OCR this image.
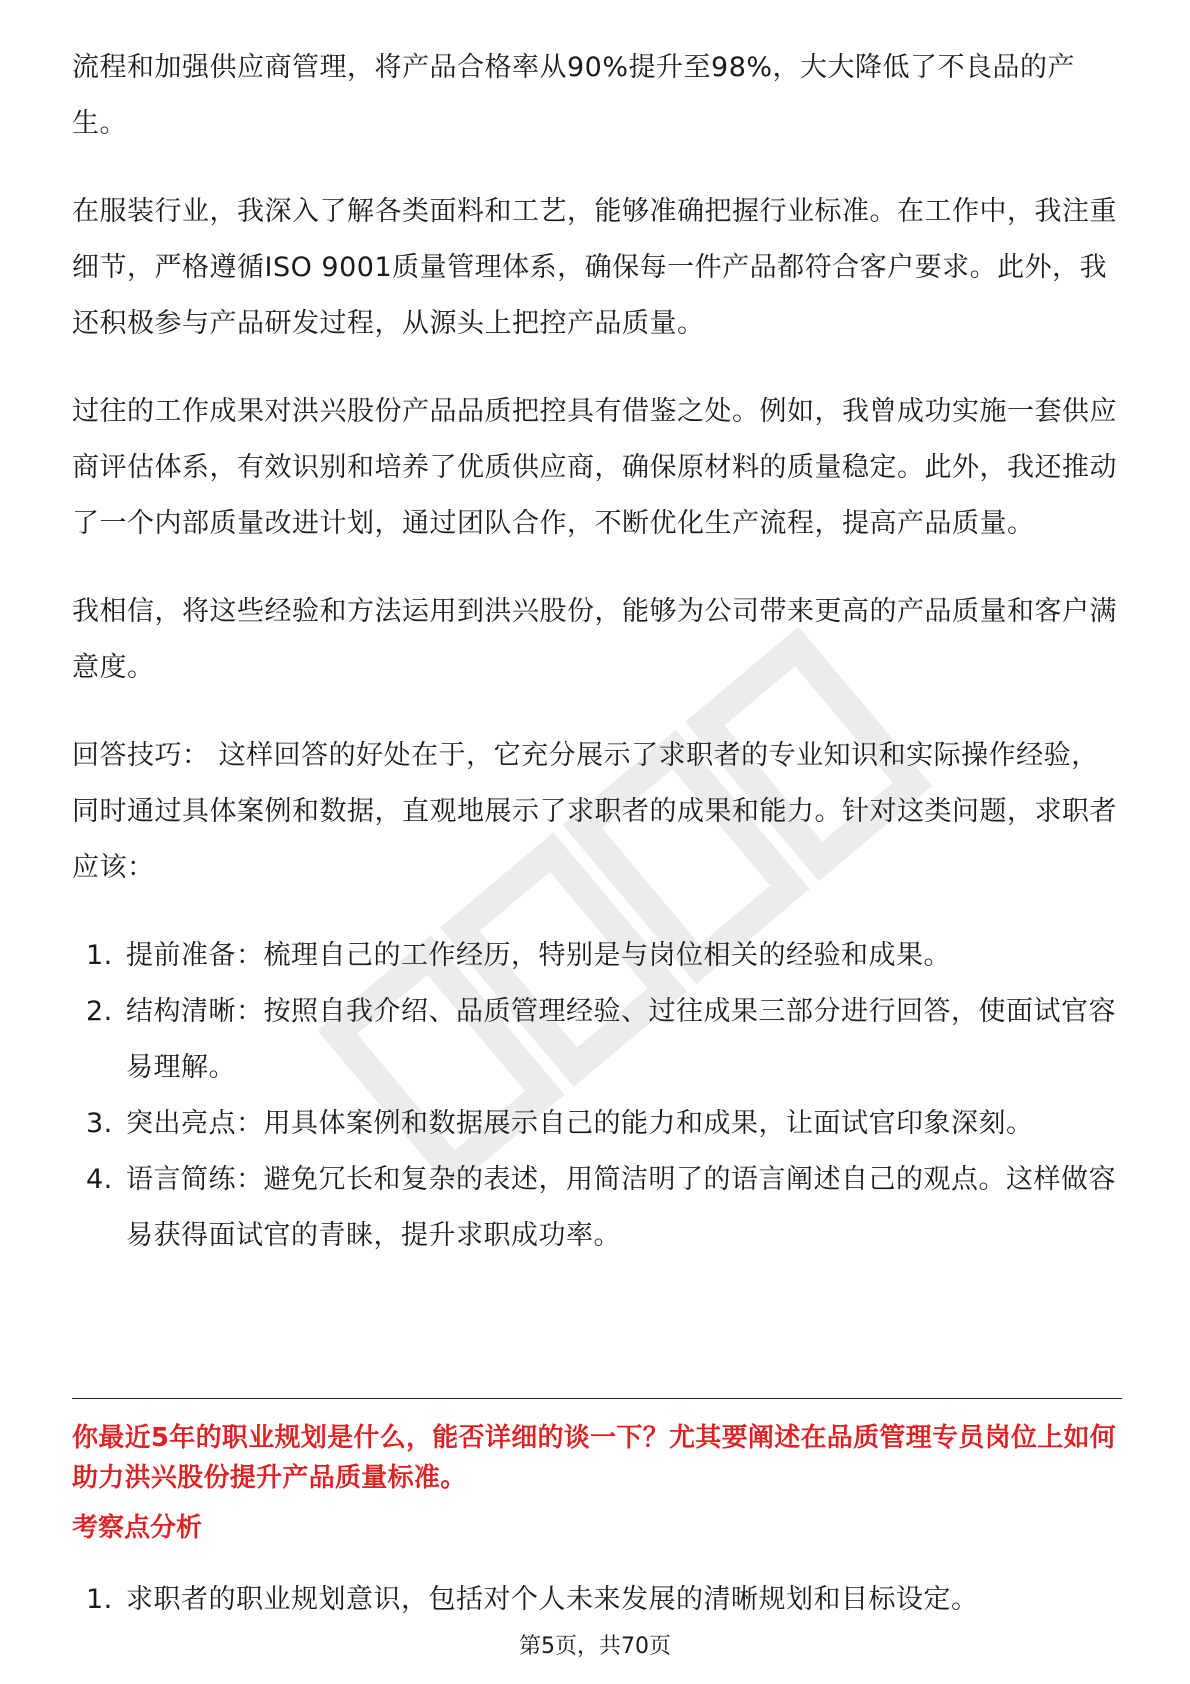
流程和加强供应商管理，将产品合格率从90%提升至98%，大大降低了不良品的产生。

在服装行业，我深入了解各类面料和工艺，能够准确把握行业标准。在工作中，我注重细节，严格遵循ISO 9001质量管理体系，确保每一件产品都符合客户要求。此外，我还积极参与产品研发过程，从源头上把控产品质量。

过往的工作成果对洪兴股份产品品质把控具有借鉴之处。例如，我曾成功实施一套供应商评估体系，有效识别和培养了优质供应商，确保原材料的质量稳定。此外，我还推动了一个内部质量改进计划，通过团队合作，不断优化生产流程，提高产品质量。

我相信，将这些经验和方法运用到洪兴股份，能够为公司带来更高的产品质量和客户满意度。

回答技巧： 这样回答的好处在于，它充分展示了求职者的专业知识和实际操作经验，同时通过具体案例和数据，直观地展示了求职者的成果和能力。针对这类问题，求职者应该：

1. 提前准备：梳理自己的工作经历，特别是与岗位相关的经验和成果。
2. 结构清晰：按照自我介绍、品质管理经验、过往成果三部分进行回答，使面试官容易理解。
3. 突出亮点：用具体案例和数据展示自己的能力和成果，让面试官印象深刻。
4. 语言简练：避免冗长和复杂的表述，用简洁明了的语言阐述自己的观点。这样做容易获得面试官的青睐，提升求职成功率。

你最近5年的职业规划是什么，能否详细的谈一下？尤其要阐述在品质管理专员岗位上如何助力洪兴股份提升产品质量标准。

考察点分析

1. 求职者的职业规划意识，包括对个人未来发展的清晰规划和目标设定。
第5页，共70页
